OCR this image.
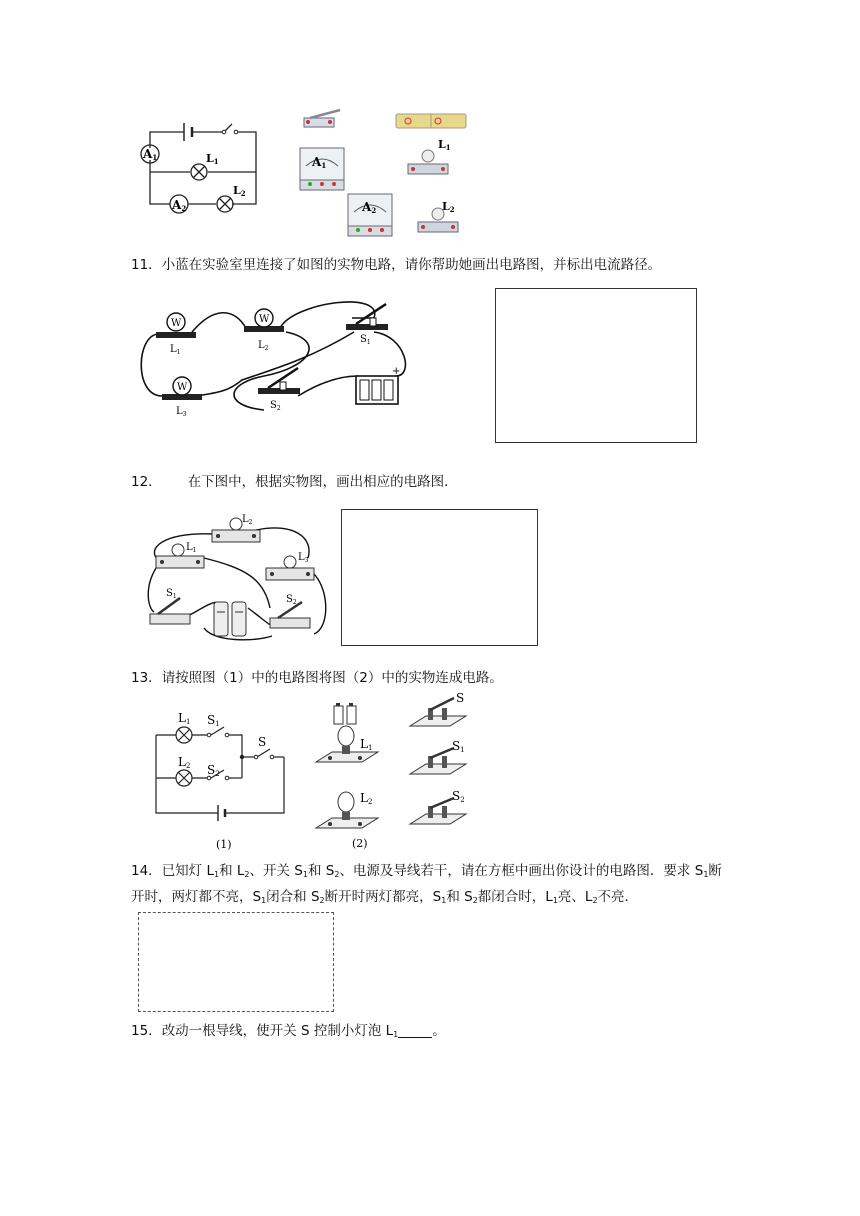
A1
A2
L1
L2
A1
A2
L1
L2
11．小蓝在实验室里连接了如图的实物电路，请你帮助她画出电路图，并标出电流路径。
W
$L_1$
W
$L_2$
W
$L_3$
$S_1$
$S_2$
+
12． 在下图中，根据实物图，画出相应的电路图．
$L_1$
$L_2$
$L_3$
$S_1$	$S_2$
13．请按照图（1）中的电路图将图（2）中的实物连成电路。
L1 S1
L2 S2
S
(1)
L1
L2
S
S1
S2
(2)
14．已知灯 $L_1$和 $L_2$、开关 $S_1$和 $S_2$、电源及导线若干，请在方框中画出你设计的电路图．要求 $S_1$断开时，两灯都不亮，$S_1$闭合和 $S_2$断开时两灯都亮，$S_1$和 $S_2$都闭合时，$L_1$亮、$L_2$不亮．
15．改动一根导线，使开关 S 控制小灯泡 $L_1$	。
